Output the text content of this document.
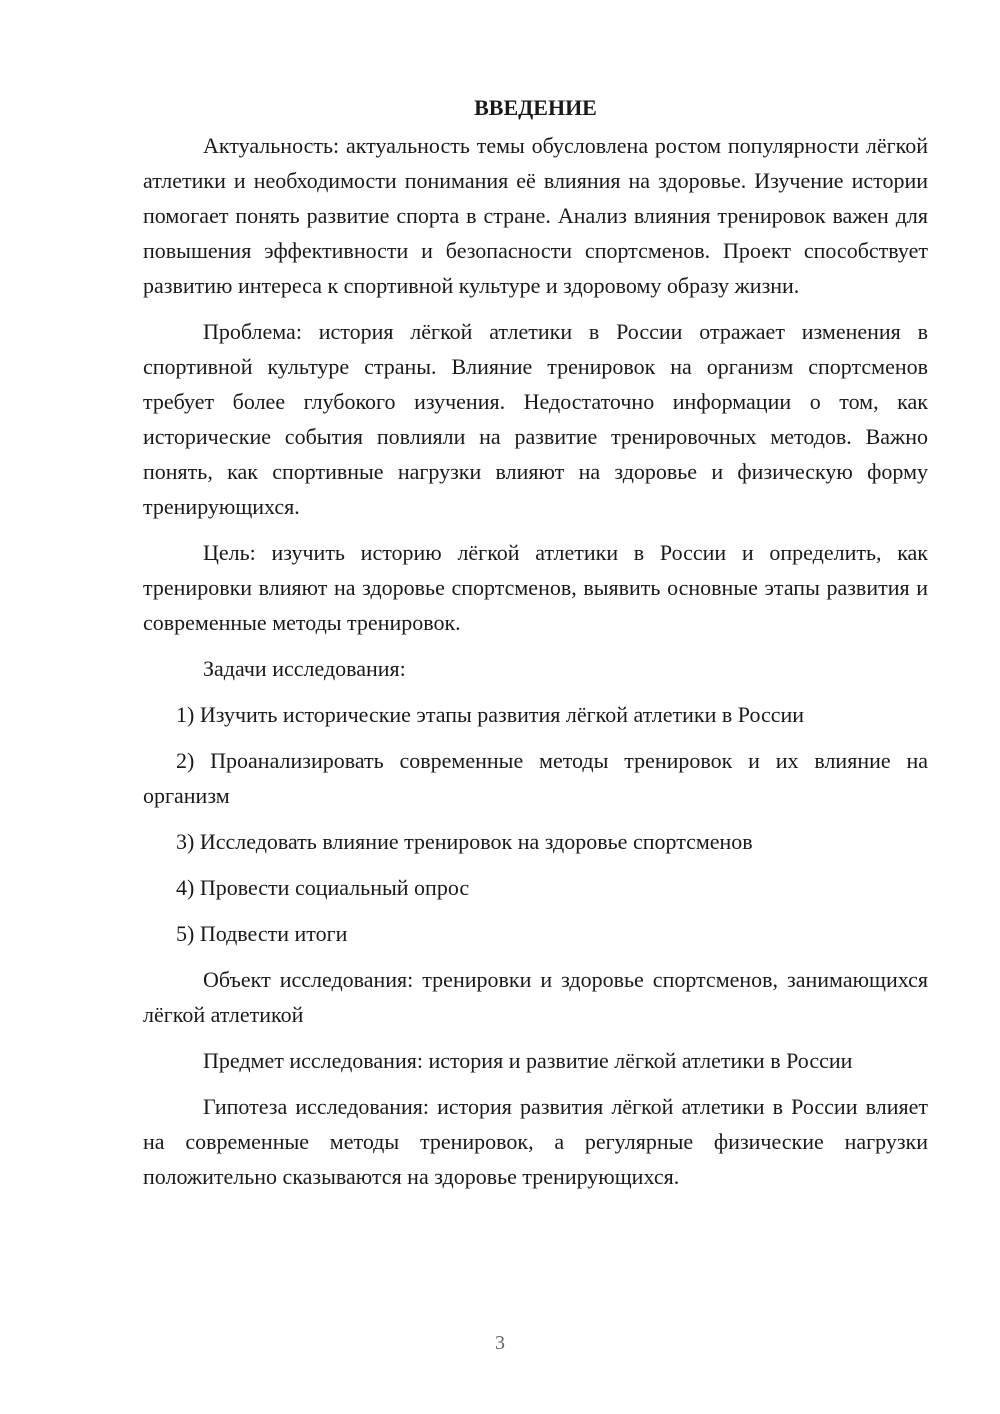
ВВЕДЕНИЕ

Актуальность: актуальность темы обусловлена ростом популярности лёгкой атлетики и необходимости понимания её влияния на здоровье. Изучение истории помогает понять развитие спорта в стране. Анализ влияния тренировок важен для повышения эффективности и безопасности спортсменов. Проект способствует развитию интереса к спортивной культуре и здоровому образу жизни.

Проблема: история лёгкой атлетики в России отражает изменения в спортивной культуре страны. Влияние тренировок на организм спортсменов требует более глубокого изучения. Недостаточно информации о том, как исторические события повлияли на развитие тренировочных методов. Важно понять, как спортивные нагрузки влияют на здоровье и физическую форму тренирующихся.

Цель: изучить историю лёгкой атлетики в России и определить, как тренировки влияют на здоровье спортсменов, выявить основные этапы развития и современные методы тренировок.

Задачи исследования:

1) Изучить исторические этапы развития лёгкой атлетики в России

2) Проанализировать современные методы тренировок и их влияние на организм

3) Исследовать влияние тренировок на здоровье спортсменов

4) Провести социальный опрос

5) Подвести итоги

Объект исследования: тренировки и здоровье спортсменов, занимающихся лёгкой атлетикой

Предмет исследования: история и развитие лёгкой атлетики в России

Гипотеза исследования: история развития лёгкой атлетики в России влияет на современные методы тренировок, а регулярные физические нагрузки положительно сказываются на здоровье тренирующихся.

3
